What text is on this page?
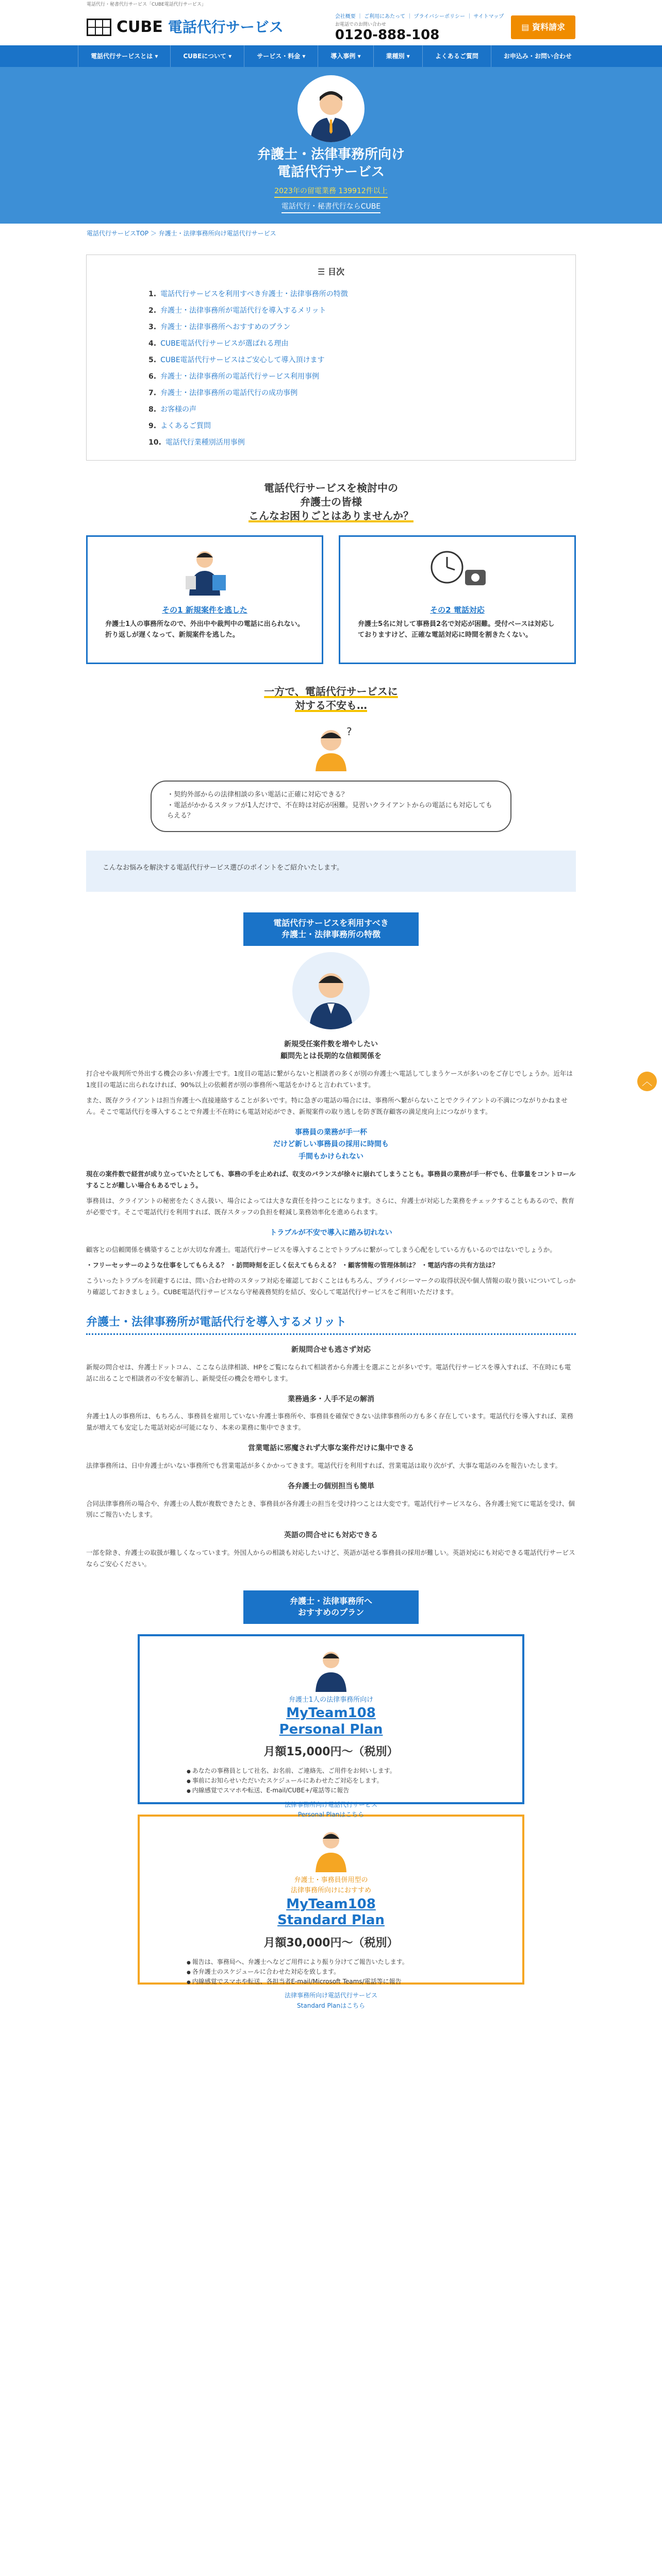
電話代行・秘書代行サービス「CUBE電話代行サービス」
CUBE 電話代行サービス
会社概要 ｜ ご利用にあたって ｜ プライバシーポリシー ｜ サイトマップ
お電話でのお問い合わせ
0120-888-108
▤ 資料請求
電話代行サービスとは ▾	CUBEについて ▾	サービス・料金 ▾	導入事例 ▾	業種別 ▾	よくあるご質問	お申込み・お問い合わせ
弁護士・法律事務所向け
電話代行サービス
2023年の留電業務 139912件以上
電話代行・秘書代行ならCUBE
電話代行サービスTOP ＞ 弁護士・法律事務所向け電話代行サービス
☰ 目次
1. 電話代行サービスを利用すべき弁護士・法律事務所の特徴
2. 弁護士・法律事務所が電話代行を導入するメリット
3. 弁護士・法律事務所へおすすめのプラン
4. CUBE電話代行サービスが選ばれる理由
5. CUBE電話代行サービスはご安心して導入頂けます
6. 弁護士・法律事務所の電話代行サービス利用事例
7. 弁護士・法律事務所の電話代行の成功事例
8. お客様の声
9. よくあるご質問
10. 電話代行業種別活用事例
電話代行サービスを検討中の
弁護士の皆様
こんなお困りごとはありませんか？
その1 新規案件を逃した

弁護士1人の事務所なので、外出中や裁判中の電話に出られない。折り返しが遅くなって、新規案件を逃した。

その2 電話対応

弁護士5名に対して事務員2名で対応が困難。受付ベースは対応しておりますけど、正確な電話対応に時間を割きたくない。

一方で、電話代行サービスに
対する不安も…
?

・契約外部からの法律相談の多い電話に正確に対応できる？

・電話がかかるスタッフが1人だけで、不在時は対応が困難。見習いクライアントからの電話にも対応してもらえる？

こんなお悩みを解決する電話代行サービス選びのポイントをご紹介いたします。
電話代行サービスを利用すべき
弁護士・法律事務所の特徴
新規受任案件数を増やしたい
顧問先とは長期的な信頼関係を

打合せや裁判所で外出する機会の多い弁護士です。1度目の電話に繋がらないと相談者の多くが別の弁護士へ電話してしまうケースが多いのをご存じでしょうか。近年は1度目の電話に出られなければ、90%以上の依頼者が別の事務所へ電話をかけると言われています。

また、既存クライアントは担当弁護士へ直接連絡することが多いです。特に急ぎの電話の場合には、事務所へ繋がらないことでクライアントの不満につながりかねません。そこで電話代行を導入することで弁護士不在時にも電話対応ができ、新規案件の取り逃しを防ぎ既存顧客の満足度向上につながります。

事務員の業務が手一杯
だけど新しい事務員の採用に時間も
手間もかけられない

現在の案件数で経営が成り立っていたとしても、事務の手を止めれば、収支のバランスが徐々に崩れてしまうことも。事務員の業務が手一杯でも、仕事量をコントロールすることが難しい場合もあるでしょう。

事務員は、クライアントの秘密をたくさん扱い、場合によっては大きな責任を持つことになります。さらに、弁護士が対応した業務をチェックすることもあるので、教育が必要です。そこで電話代行を利用すれば、既存スタッフの負担を軽減し業務効率化を進められます。

トラブルが不安で導入に踏み切れない

顧客との信頼関係を構築することが大切な弁護士。電話代行サービスを導入することでトラブルに繋がってしまう心配をしている方もいるのではないでしょうか。

・フリーセッサーのような仕事をしてもらえる？ ・訪問時刻を正しく伝えてもらえる？ ・顧客情報の管理体制は？ ・電話内容の共有方法は？

こういったトラブルを回避するには、問い合わせ時のスタッフ対応を確認しておくことはもちろん、プライバシーマークの取得状況や個人情報の取り扱いについてしっかり確認しておきましょう。CUBE電話代行サービスなら守秘義務契約を結び、安心して電話代行サービスをご利用いただけます。

弁護士・法律事務所が電話代行を導入するメリット
新規問合せも逃さず対応

新規の問合せは、弁護士ドットコム、ここなら法律相談、HPをご覧になられて相談者から弁護士を選ぶことが多いです。電話代行サービスを導入すれば、不在時にも電話に出ることで相談者の不安を解消し、新規受任の機会を増やします。

業務過多・人手不足の解消

弁護士1人の事務所は、もちろん、事務員を雇用していない弁護士事務所や、事務員を確保できない法律事務所の方も多く存在しています。電話代行を導入すれば、業務量が増えても安定した電話対応が可能になり、本来の業務に集中できます。

営業電話に邪魔されず大事な案件だけに集中できる

法律事務所は、日中弁護士がいない事務所でも営業電話が多くかかってきます。電話代行を利用すれば、営業電話は取り次がず、大事な電話のみを報告いたします。

各弁護士の個別担当も簡単

合同法律事務所の場合や、弁護士の人数が複数できたとき、事務員が各弁護士の担当を受け持つことは大変です。電話代行サービスなら、各弁護士宛てに電話を受け、個別にご報告いたします。

英語の問合せにも対応できる

一部を除き、弁護士の取扱が難しくなっています。外国人からの相談も対応したいけど、英語が話せる事務員の採用が難しい。英語対応にも対応できる電話代行サービスならご安心ください。

弁護士・法律事務所へ
おすすめのプラン
弁護士1人の法律事務所向け
MyTeam108
Personal Plan
月額15,000円〜（税別）
● あなたの事務員として社名、お名前、ご連絡先、ご用件をお伺いします。
● 事前にお知らせいただいたスケジュールにあわせたご対応をします。
● 内線感覚でスマホや転送、E-mail/CUBE+/電話等に報告
法律事務所向け電話代行サービス
Personal Planはこちら
弁護士・事務員併用型の
法律事務所向けにおすすめ
MyTeam108
Standard Plan
月額30,000円〜（税別）
● 報告は、事務局へ、弁護士へなどご用件により振り分けてご報告いたします。
● 各弁護士のスケジュールに合わせた対応を致します。
● 内線感覚でスマホや転送、各担当者E-mail/Microsoft Teams/電話等に報告
法律事務所向け電話代行サービス
Standard Planはこちら
︿
